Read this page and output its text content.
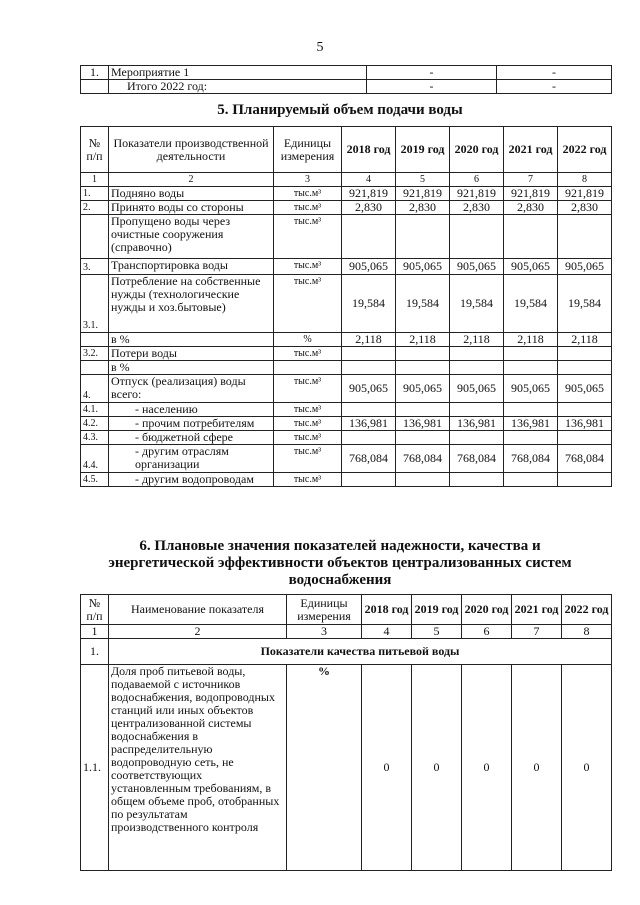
5
1.	Мероприятие 1	-	-
	Итого 2022 год:	-	-
5. Планируемый объем подачи воды
№ п/п	Показатели производственной деятельности	Единицы измерения	2018 год	2019 год	2020 год	2021 год	2022 год
1	2	3	4	5	6	7	8
1.	Подняно воды	тыс.м³	921,819	921,819	921,819	921,819	921,819
2.	Принято воды со стороны	тыс.м³	2,830	2,830	2,830	2,830	2,830
	Пропущено воды через очистные сооружения (справочно)	тыс.м³					
3.	Транспортировка воды	тыс.м³	905,065	905,065	905,065	905,065	905,065
3.1.	Потребление на собственные нужды (технологические нужды и хоз.бытовые)	тыс.м³	19,584	19,584	19,584	19,584	19,584
	в %	%	2,118	2,118	2,118	2,118	2,118
3.2.	Потери воды	тыс.м³					
	в %						
4.	Отпуск (реализация) воды всего:	тыс.м³	905,065	905,065	905,065	905,065	905,065
4.1.	- населению	тыс.м³					
4.2.	- прочим потребителям	тыс.м³	136,981	136,981	136,981	136,981	136,981
4.3.	- бюджетной сфере	тыс.м³					
4.4.	- другим отраслям организации	тыс.м³	768,084	768,084	768,084	768,084	768,084
4.5.	- другим водопроводам	тыс.м³					
6. Плановые значения показателей надежности, качества и
энергетической эффективности объектов централизованных систем
водоснабжения
№ п/п	Наименование показателя	Единицы измерения	2018 год	2019 год	2020 год	2021 год	2022 год
1	2	3	4	5	6	7	8
1.	Показатели качества питьевой воды						
1.1.	Доля проб питьевой воды, подаваемой с источников водоснабжения, водопроводных станций или иных объектов централизованной системы водоснабжения в распределительную водопроводную сеть, не соответствующих установленным требованиям, в общем объеме проб, отобранных по результатам производственного контроля	%	0	0	0	0	0
